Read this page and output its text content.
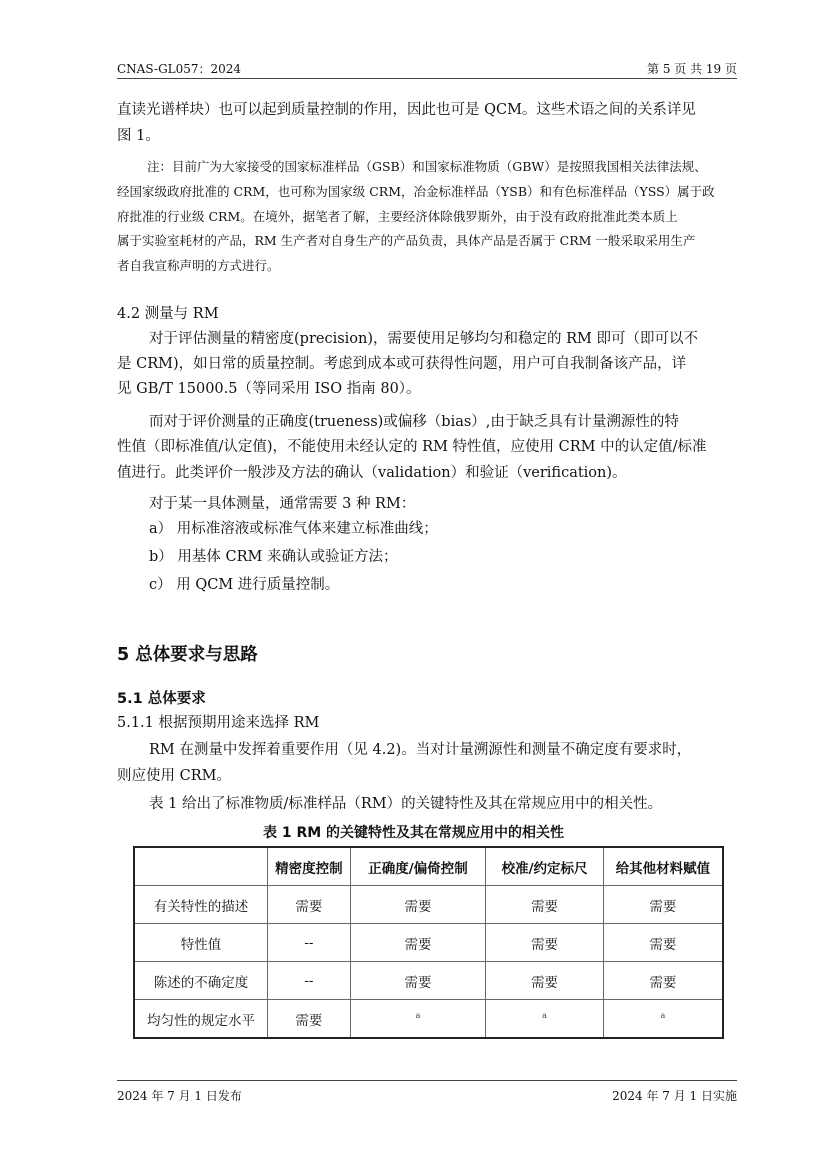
CNAS-GL057：2024	第 5 页 共 19 页
直读光谱样块）也可以起到质量控制的作用，因此也可是 QCM。这些术语之间的关系详见
图 1。
注：目前广为大家接受的国家标准样品（GSB）和国家标准物质（GBW）是按照我国相关法律法规、
经国家级政府批准的 CRM，也可称为国家级 CRM，冶金标准样品（YSB）和有色标准样品（YSS）属于政
府批准的行业级 CRM。在境外，据笔者了解，主要经济体除俄罗斯外，由于没有政府批准此类本质上
属于实验室耗材的产品，RM 生产者对自身生产的产品负责，具体产品是否属于 CRM 一般采取采用生产
者自我宣称声明的方式进行。
4.2 测量与 RM
对于评估测量的精密度(precision)，需要使用足够均匀和稳定的 RM 即可（即可以不
是 CRM)，如日常的质量控制。考虑到成本或可获得性问题，用户可自我制备该产品，详
见 GB/T 15000.5（等同采用 ISO 指南 80）。
而对于评价测量的正确度(trueness)或偏移（bias）,由于缺乏具有计量溯源性的特
性值（即标准值/认定值)，不能使用未经认定的 RM 特性值，应使用 CRM 中的认定值/标准
值进行。此类评价一般涉及方法的确认（validation）和验证（verification)。
对于某一具体测量，通常需要 3 种 RM：
a） 用标准溶液或标准气体来建立标准曲线；
b） 用基体 CRM 来确认或验证方法；
c） 用 QCM 进行质量控制。
5 总体要求与思路
5.1 总体要求
5.1.1 根据预期用途来选择 RM
RM 在测量中发挥着重要作用（见 4.2)。当对计量溯源性和测量不确定度有要求时，
则应使用 CRM。
表 1 给出了标准物质/标准样品（RM）的关键特性及其在常规应用中的相关性。
表 1 RM 的关键特性及其在常规应用中的相关性
	精密度控制	正确度/偏倚控制	校准/约定标尺	给其他材料赋值
有关特性的描述	需要	需要	需要	需要
特性值	--	需要	需要	需要
陈述的不确定度	--	需要	需要	需要
均匀性的规定水平	需要	$^a$	$^a$	$^a$
2024 年 7 月 1 日发布	2024 年 7 月 1 日实施
